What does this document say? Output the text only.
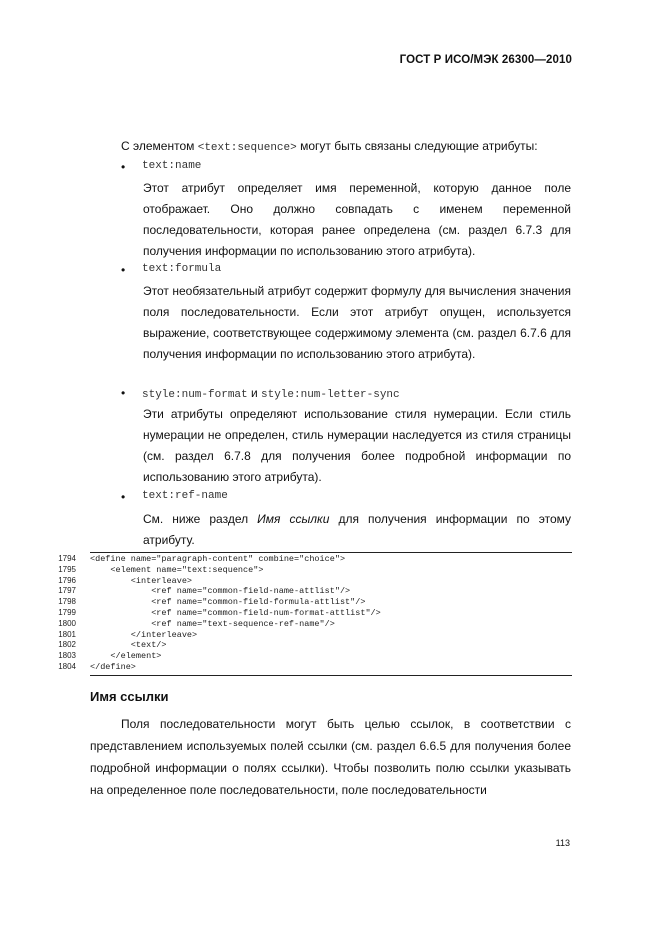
ГОСТ Р ИСО/МЭК 26300—2010
С элементом <text:sequence> могут быть связаны следующие атрибуты:
• text:name
Этот атрибут определяет имя переменной, которую данное поле отображает. Оно должно совпадать с именем переменной последовательности, которая ранее определена (см. раздел 6.7.3 для получения информации по использованию этого атрибута).
• text:formula
Этот необязательный атрибут содержит формулу для вычисления значения поля последовательности. Если этот атрибут опущен, используется выражение, соответствующее содержимому элемента (см. раздел 6.7.6 для получения информации по использованию этого атрибута).
• style:num-format и style:num-letter-sync
Эти атрибуты определяют использование стиля нумерации. Если стиль нумерации не определен, стиль нумерации наследуется из стиля страницы (см. раздел 6.7.8 для получения более подробной информации по использованию этого атрибута).
• text:ref-name
См. ниже раздел Имя ссылки для получения информации по этому атрибуту.
1794 <define name="paragraph-content" combine="choice">
1795 <element name="text:sequence">
1796 <interleave>
1797 <ref name="common-field-name-attlist"/>
1798 <ref name="common-field-formula-attlist"/>
1799 <ref name="common-field-num-format-attlist"/>
1800 <ref name="text-sequence-ref-name"/>
1801 </interleave>
1802 <text/>
1803 </element>
1804 </define>
Имя ссылки
Поля последовательности могут быть целью ссылок, в соответствии с представлением используемых полей ссылки (см. раздел 6.6.5 для получения более подробной информации о полях ссылки). Чтобы позволить полю ссылки указывать на определенное поле последовательности, поле последовательности
113
